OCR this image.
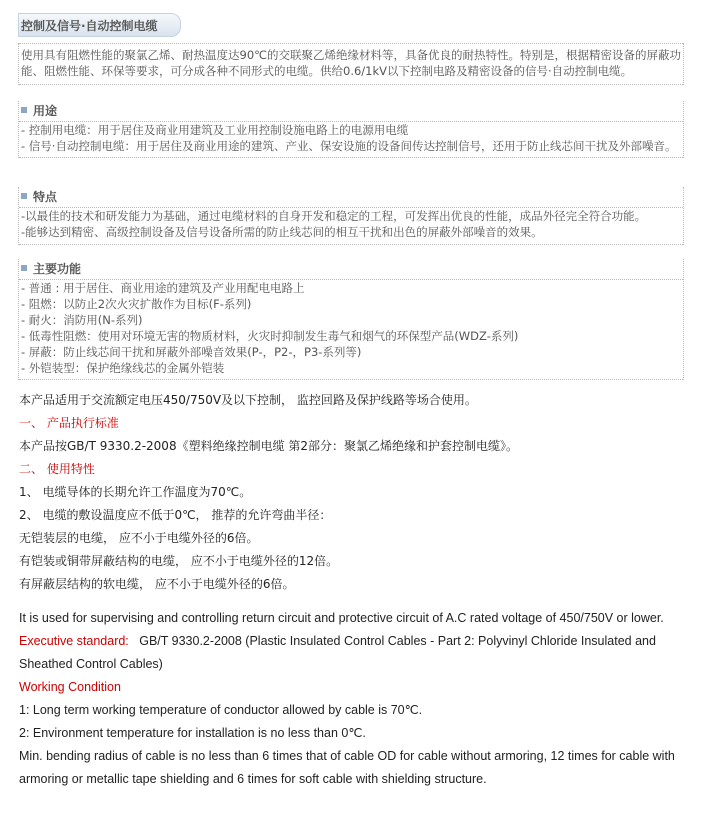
控制及信号·自动控制电缆
使用具有阻燃性能的聚氯乙烯、耐热温度达90℃的交联聚乙烯绝缘材料等，具备优良的耐热特性。特别是，根据精密设备的屏蔽功能、阻燃性能、环保等要求，可分成各种不同形式的电缆。供给0.6/1kV以下控制电路及精密设备的信号·自动控制电缆。
用途
- 控制用电缆：用于居住及商业用建筑及工业用控制设施电路上的电源用电缆
- 信号·自动控制电缆：用于居住及商业用途的建筑、产业、保安设施的设备间传达控制信号，还用于防止线芯间干扰及外部噪音。
特点
-以最佳的技术和研发能力为基础，通过电缆材料的自身开发和稳定的工程，可发挥出优良的性能，成品外径完全符合功能。
-能够达到精密、高级控制设备及信号设备所需的防止线芯间的相互干扰和出色的屏蔽外部噪音的效果。
主要功能
- 普通 : 用于居住、商业用途的建筑及产业用配电电路上
- 阻燃：以防止2次火灾扩散作为目标(F-系列)
- 耐火：消防用(N-系列)
- 低毒性阻燃：使用对环境无害的物质材料，火灾时抑制发生毒气和烟气的环保型产品(WDZ-系列)
- 屏蔽：防止线芯间干扰和屏蔽外部噪音效果(P-，P2-，P3-系列等)
- 外铠装型：保护绝缘线芯的金属外铠装
本产品适用于交流额定电压450/750V及以下控制， 监控回路及保护线路等场合使用。
一、 产品执行标准
本产品按GB/T 9330.2-2008《塑料绝缘控制电缆 第2部分：聚氯乙烯绝缘和护套控制电缆》。
二、 使用特性
1、 电缆导体的长期允许工作温度为70℃。
2、 电缆的敷设温度应不低于0℃， 推荐的允许弯曲半径：
无铠装层的电缆， 应不小于电缆外径的6倍。
有铠装或铜带屏蔽结构的电缆， 应不小于电缆外径的12倍。
有屏蔽层结构的软电缆， 应不小于电缆外径的6倍。
It is used for supervising and controlling return circuit and protective circuit of A.C rated voltage of 450/750V or lower.
Executive standard: GB/T 9330.2-2008 (Plastic Insulated Control Cables - Part 2: Polyvinyl Chloride Insulated and Sheathed Control Cables)
Working Condition
1: Long term working temperature of conductor allowed by cable is 70℃.
2: Environment temperature for installation is no less than 0℃.
Min. bending radius of cable is no less than 6 times that of cable OD for cable without armoring, 12 times for cable with armoring or metallic tape shielding and 6 times for soft cable with shielding structure.
